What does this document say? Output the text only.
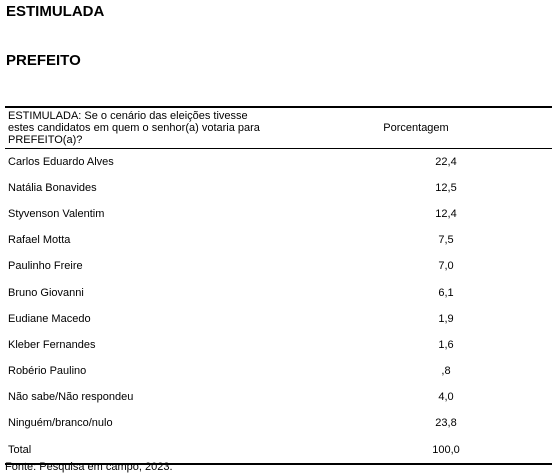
ESTIMULADA
PREFEITO
ESTIMULADA: Se o cenário das eleições tivesse estes candidatos em quem o senhor(a) votaria para PREFEITO(a)?	Porcentagem
Carlos Eduardo Alves	22,4
Natália Bonavides	12,5
Styvenson Valentim	12,4
Rafael Motta	7,5
Paulinho Freire	7,0
Bruno Giovanni	6,1
Eudiane Macedo	1,9
Kleber Fernandes	1,6
Robério Paulino	,8
Não sabe/Não respondeu	4,0
Ninguém/branco/nulo	23,8
Total	100,0

Fonte: Pesquisa em campo, 2023.
